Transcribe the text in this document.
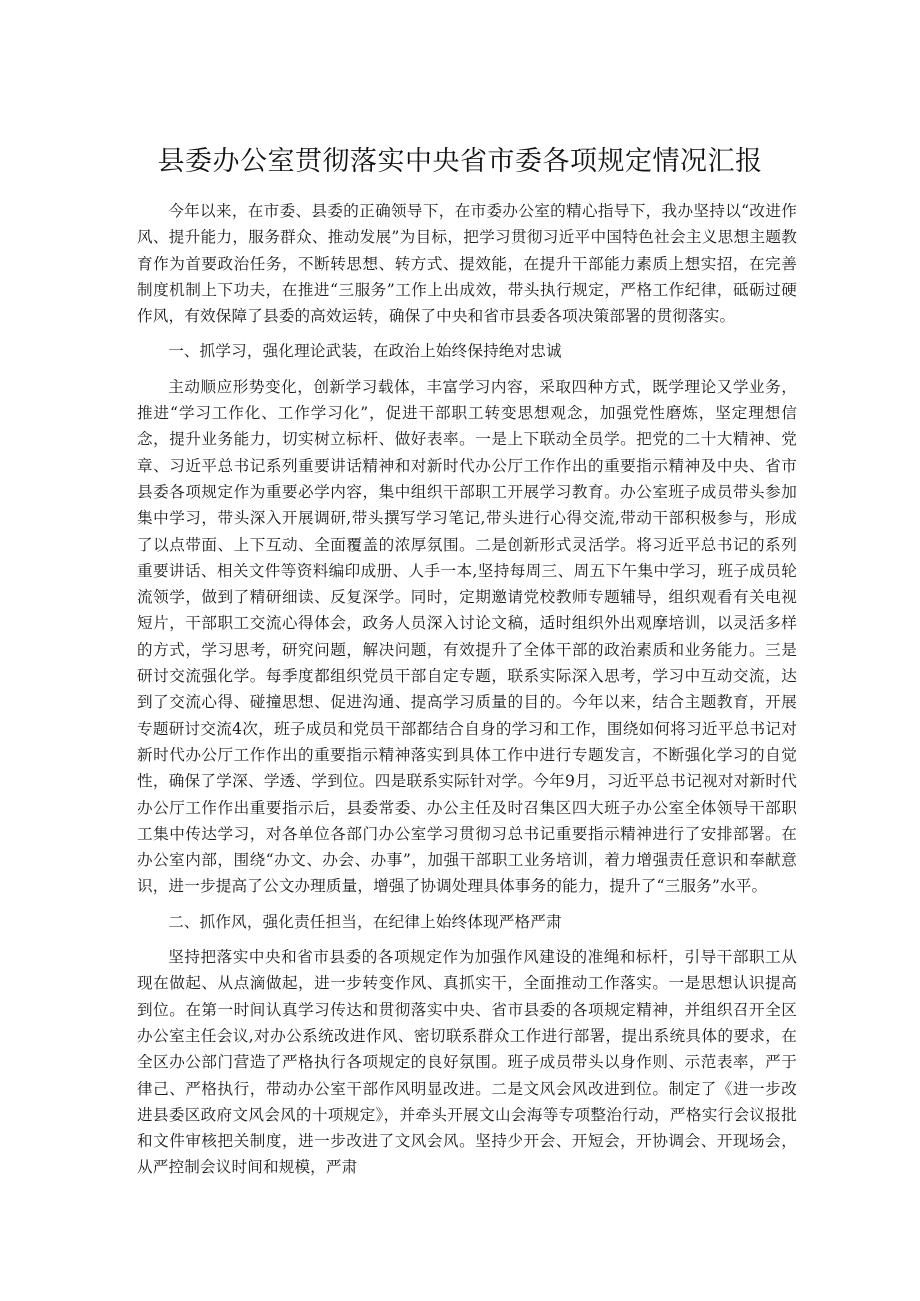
县委办公室贯彻落实中央省市委各项规定情况汇报

今年以来，在市委、县委的正确领导下，在市委办公室的精心指导下，我办坚持以“改进作风、提升能力，服务群众、推动发展”为目标，把学习贯彻习近平中国特色社会主义思想主题教育作为首要政治任务，不断转思想、转方式、提效能，在提升干部能力素质上想实招，在完善制度机制上下功夫，在推进“三服务”工作上出成效，带头执行规定，严格工作纪律，砥砺过硬作风，有效保障了县委的高效运转，确保了中央和省市县委各项决策部署的贯彻落实。

一、抓学习，强化理论武装，在政治上始终保持绝对忠诚

主动顺应形势变化，创新学习载体，丰富学习内容，采取四种方式，既学理论又学业务，推进“学习工作化、工作学习化”，促进干部职工转变思想观念，加强党性磨炼，坚定理想信念，提升业务能力，切实树立标杆、做好表率。一是上下联动全员学。把党的二十大精神、党章、习近平总书记系列重要讲话精神和对新时代办公厅工作作出的重要指示精神及中央、省市县委各项规定作为重要必学内容，集中组织干部职工开展学习教育。办公室班子成员带头参加集中学习，带头深入开展调研,带头撰写学习笔记,带头进行心得交流,带动干部积极参与，形成了以点带面、上下互动、全面覆盖的浓厚氛围。二是创新形式灵活学。将习近平总书记的系列重要讲话、相关文件等资料编印成册、人手一本,坚持每周三、周五下午集中学习，班子成员轮流领学，做到了精研细读、反复深学。同时，定期邀请党校教师专题辅导，组织观看有关电视短片，干部职工交流心得体会，政务人员深入讨论文稿，适时组织外出观摩培训，以灵活多样的方式，学习思考，研究问题，解决问题，有效提升了全体干部的政治素质和业务能力。三是研讨交流强化学。每季度都组织党员干部自定专题，联系实际深入思考，学习中互动交流，达到了交流心得、碰撞思想、促进沟通、提高学习质量的目的。今年以来，结合主题教育，开展专题研讨交流4次，班子成员和党员干部都结合自身的学习和工作，围绕如何将习近平总书记对新时代办公厅工作作出的重要指示精神落实到具体工作中进行专题发言，不断强化学习的自觉性，确保了学深、学透、学到位。四是联系实际针对学。今年9月，习近平总书记视对对新时代办公厅工作作出重要指示后，县委常委、办公主任及时召集区四大班子办公室全体领导干部职工集中传达学习，对各单位各部门办公室学习贯彻习总书记重要指示精神进行了安排部署。在办公室内部，围绕“办文、办会、办事”，加强干部职工业务培训，着力增强责任意识和奉献意识，进一步提高了公文办理质量，增强了协调处理具体事务的能力，提升了“三服务”水平。

二、抓作风，强化责任担当，在纪律上始终体现严格严肃

坚持把落实中央和省市县委的各项规定作为加强作风建设的准绳和标杆，引导干部职工从现在做起、从点滴做起，进一步转变作风、真抓实干，全面推动工作落实。一是思想认识提高到位。在第一时间认真学习传达和贯彻落实中央、省市县委的各项规定精神，并组织召开全区办公室主任会议,对办公系统改进作风、密切联系群众工作进行部署，提出系统具体的要求，在全区办公部门营造了严格执行各项规定的良好氛围。班子成员带头以身作则、示范表率，严于律己、严格执行，带动办公室干部作风明显改进。二是文风会风改进到位。制定了《进一步改进县委区政府文风会风的十项规定》，并牵头开展文山会海等专项整治行动，严格实行会议报批和文件审核把关制度，进一步改进了文风会风。坚持少开会、开短会，开协调会、开现场会，从严控制会议时间和规模，严肃
